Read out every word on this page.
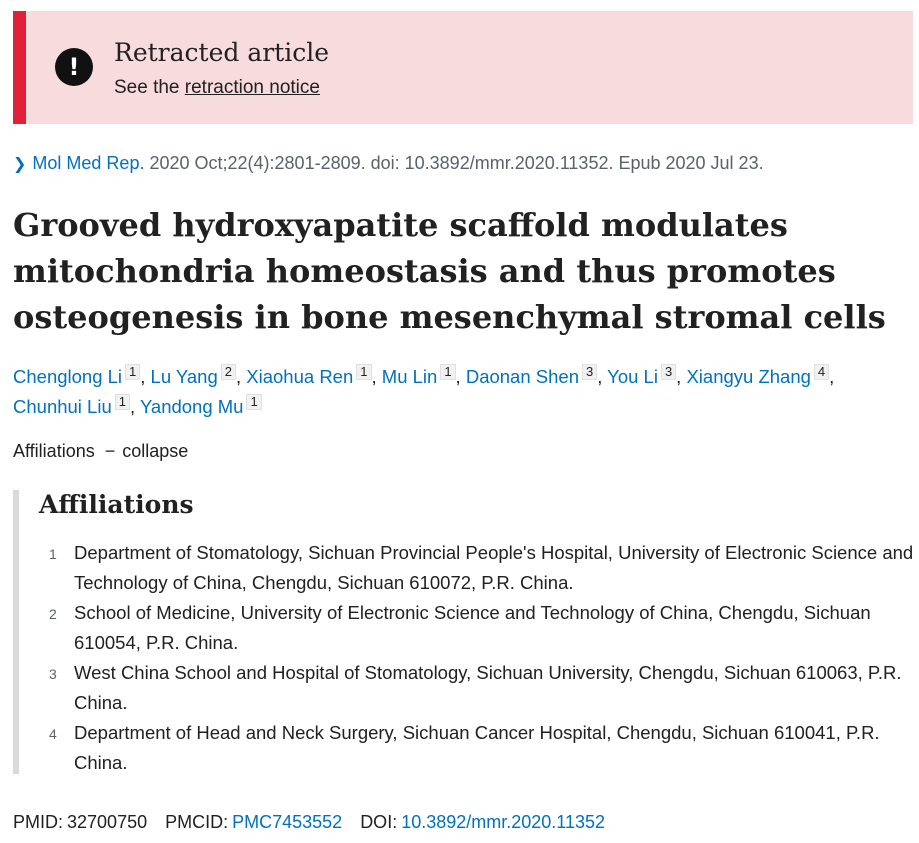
!	Retracted article
See the retraction notice
❯ Mol Med Rep. 2020 Oct;22(4):2801-2809. doi: 10.3892/mmr.2020.11352. Epub 2020 Jul 23.
Grooved hydroxyapatite scaffold modulates mitochondria homeostasis and thus promotes osteogenesis in bone mesenchymal stromal cells
Chenglong Li 1 , Lu Yang 2 , Xiaohua Ren 1 , Mu Lin 1 , Daonan Shen 3 , You Li 3 , Xiangyu Zhang 4 ,
Chunhui Liu 1 , Yandong Mu 1
Affiliations − collapse
Affiliations
1 Department of Stomatology, Sichuan Provincial People's Hospital, University of Electronic Science and Technology of China, Chengdu, Sichuan 610072, P.R. China.
2 School of Medicine, University of Electronic Science and Technology of China, Chengdu, Sichuan 610054, P.R. China.
3 West China School and Hospital of Stomatology, Sichuan University, Chengdu, Sichuan 610063, P.R. China.
4 Department of Head and Neck Surgery, Sichuan Cancer Hospital, Chengdu, Sichuan 610041, P.R. China.
PMID: 32700750 PMCID: PMC7453552 DOI: 10.3892/mmr.2020.11352
